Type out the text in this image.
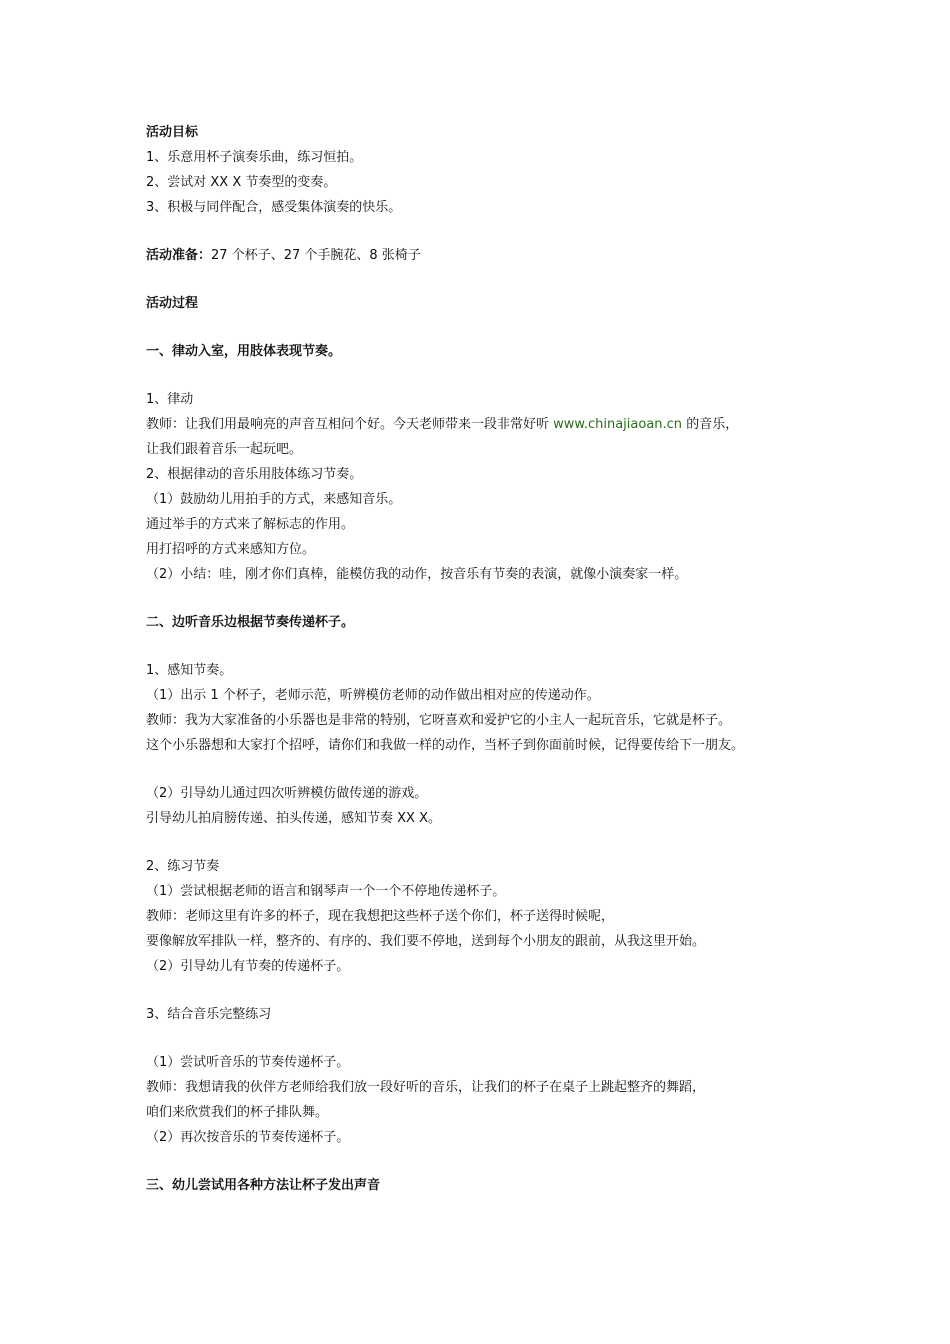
活动目标
1、乐意用杯子演奏乐曲，练习恒拍。
2、尝试对 XX X 节奏型的变奏。
3、积极与同伴配合，感受集体演奏的快乐。
活动准备：27 个杯子、27 个手腕花、8 张椅子
活动过程
一、律动入室，用肢体表现节奏。
1、律动
教师：让我们用最响亮的声音互相问个好。今天老师带来一段非常好听 www.chinajiaoan.cn 的音乐，
让我们跟着音乐一起玩吧。
2、根据律动的音乐用肢体练习节奏。
（1）鼓励幼儿用拍手的方式，来感知音乐。
通过举手的方式来了解标志的作用。
用打招呼的方式来感知方位。
（2）小结：哇，刚才你们真棒，能模仿我的动作，按音乐有节奏的表演，就像小演奏家一样。
二、边听音乐边根据节奏传递杯子。
1、感知节奏。
（1）出示 1 个杯子，老师示范，听辨模仿老师的动作做出相对应的传递动作。
教师：我为大家准备的小乐器也是非常的特别，它呀喜欢和爱护它的小主人一起玩音乐，它就是杯子。
这个小乐器想和大家打个招呼，请你们和我做一样的动作，当杯子到你面前时候，记得要传给下一朋友。
（2）引导幼儿通过四次听辨模仿做传递的游戏。
引导幼儿拍肩膀传递、拍头传递，感知节奏 XX X。
2、练习节奏
（1）尝试根据老师的语言和钢琴声一个一个不停地传递杯子。
教师：老师这里有许多的杯子，现在我想把这些杯子送个你们，杯子送得时候呢，
要像解放军排队一样，整齐的、有序的、我们要不停地，送到每个小朋友的跟前，从我这里开始。
（2）引导幼儿有节奏的传递杯子。
3、结合音乐完整练习
（1）尝试听音乐的节奏传递杯子。
教师：我想请我的伙伴方老师给我们放一段好听的音乐，让我们的杯子在桌子上跳起整齐的舞蹈，
咱们来欣赏我们的杯子排队舞。
（2）再次按音乐的节奏传递杯子。
三、幼儿尝试用各种方法让杯子发出声音
